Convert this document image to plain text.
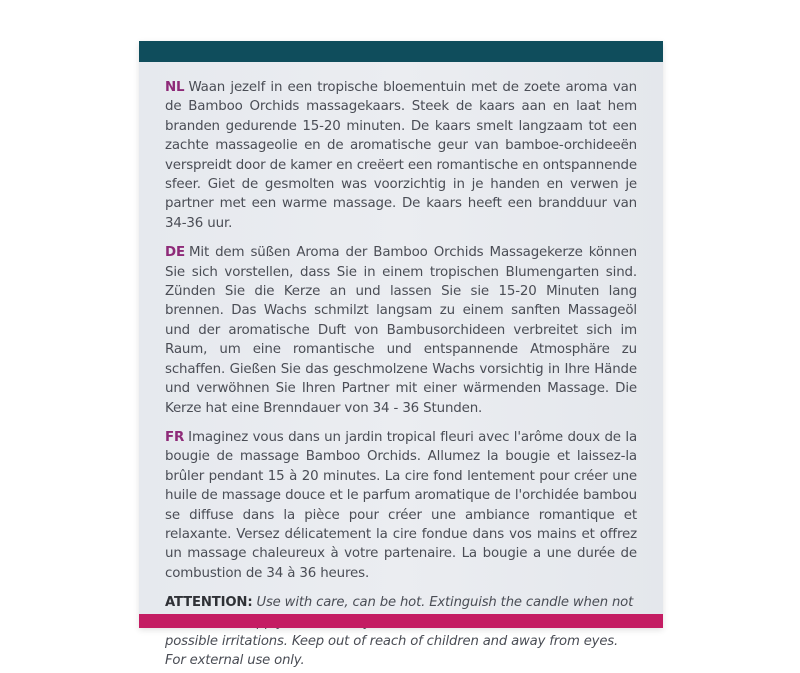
NL Waan jezelf in een tropische bloementuin met de zoete aroma van de Bamboo Orchids massagekaars. Steek de kaars aan en laat hem branden gedurende 15-20 minuten. De kaars smelt langzaam tot een zachte massageolie en de aromatische geur van bamboe-orchideeën verspreidt door de kamer en creëert een romantische en ontspannende sfeer. Giet de gesmolten was voorzichtig in je handen en verwen je partner met een warme massage. De kaars heeft een brandduur van 34-36 uur.

DE Mit dem süßen Aroma der Bamboo Orchids Massagekerze können Sie sich vorstellen, dass Sie in einem tropischen Blumengarten sind. Zünden Sie die Kerze an und lassen Sie sie 15-20 Minuten lang brennen. Das Wachs schmilzt langsam zu einem sanften Massageöl und der aromatische Duft von Bambusorchideen verbreitet sich im Raum, um eine romantische und entspannende Atmosphäre zu schaffen. Gießen Sie das geschmolzene Wachs vorsichtig in Ihre Hände und verwöhnen Sie Ihren Partner mit einer wärmenden Massage. Die Kerze hat eine Brenndauer von 34 - 36 Stunden.

FR Imaginez vous dans un jardin tropical fleuri avec l'arôme doux de la bougie de massage Bamboo Orchids. Allumez la bougie et laissez-la brûler pendant 15 à 20 minutes. La cire fond lentement pour créer une huile de massage douce et le parfum aromatique de l'orchidée bambou se diffuse dans la pièce pour créer une ambiance romantique et relaxante. Versez délicatement la cire fondue dans vos mains et offrez un massage chaleureux à votre partenaire. La bougie a une durée de combustion de 34 à 36 heures.

ATTENTION: Use with care, can be hot. Extinguish the candle when not possible irritations. Keep out of reach of children and away from eyes. For external use only.
